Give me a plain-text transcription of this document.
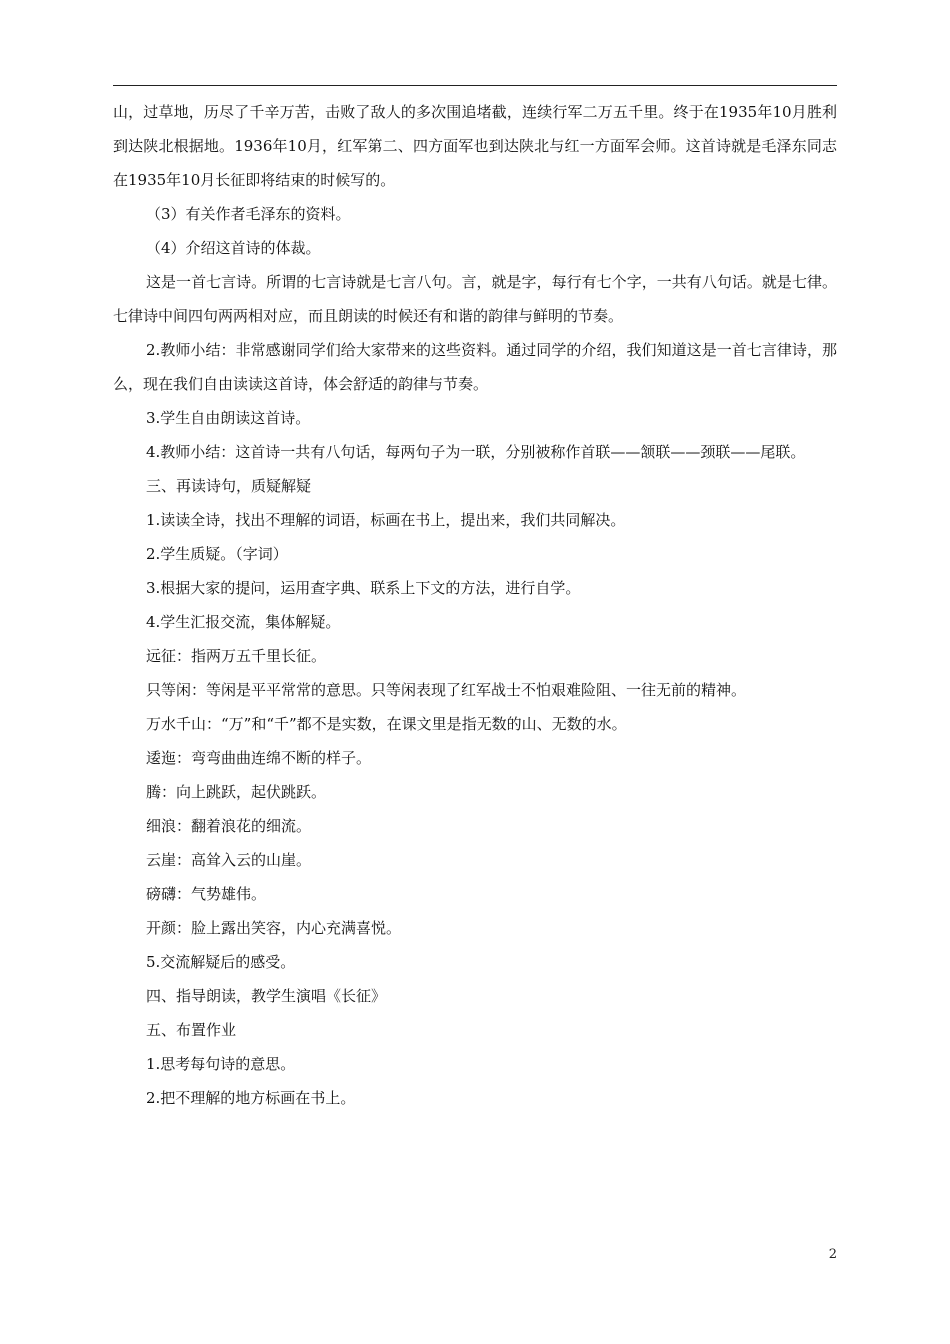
山，过草地，历尽了千辛万苦，击败了敌人的多次围追堵截，连续行军二万五千里。终于在1935年10月胜利到达陕北根据地。1936年10月，红军第二、四方面军也到达陕北与红一方面军会师。这首诗就是毛泽东同志在1935年10月长征即将结束的时候写的。

（3）有关作者毛泽东的资料。

（4）介绍这首诗的体裁。

这是一首七言诗。所谓的七言诗就是七言八句。言，就是字，每行有七个字，一共有八句话。就是七律。七律诗中间四句两两相对应，而且朗读的时候还有和谐的韵律与鲜明的节奏。

2.教师小结：非常感谢同学们给大家带来的这些资料。通过同学的介绍，我们知道这是一首七言律诗，那么，现在我们自由读读这首诗，体会舒适的韵律与节奏。

3.学生自由朗读这首诗。

4.教师小结：这首诗一共有八句话，每两句子为一联，分别被称作首联——颔联——颈联——尾联。

三、再读诗句，质疑解疑

1.读读全诗，找出不理解的词语，标画在书上，提出来，我们共同解决。

2.学生质疑。（字词）

3.根据大家的提问，运用查字典、联系上下文的方法，进行自学。

4.学生汇报交流，集体解疑。

远征：指两万五千里长征。

只等闲：等闲是平平常常的意思。只等闲表现了红军战士不怕艰难险阻、一往无前的精神。

万水千山：“万”和“千”都不是实数，在课文里是指无数的山、无数的水。

逶迤：弯弯曲曲连绵不断的样子。

腾：向上跳跃，起伏跳跃。

细浪：翻着浪花的细流。

云崖：高耸入云的山崖。

磅礴：气势雄伟。

开颜：脸上露出笑容，内心充满喜悦。

5.交流解疑后的感受。

四、指导朗读，教学生演唱《长征》

五、布置作业

1.思考每句诗的意思。

2.把不理解的地方标画在书上。

2
